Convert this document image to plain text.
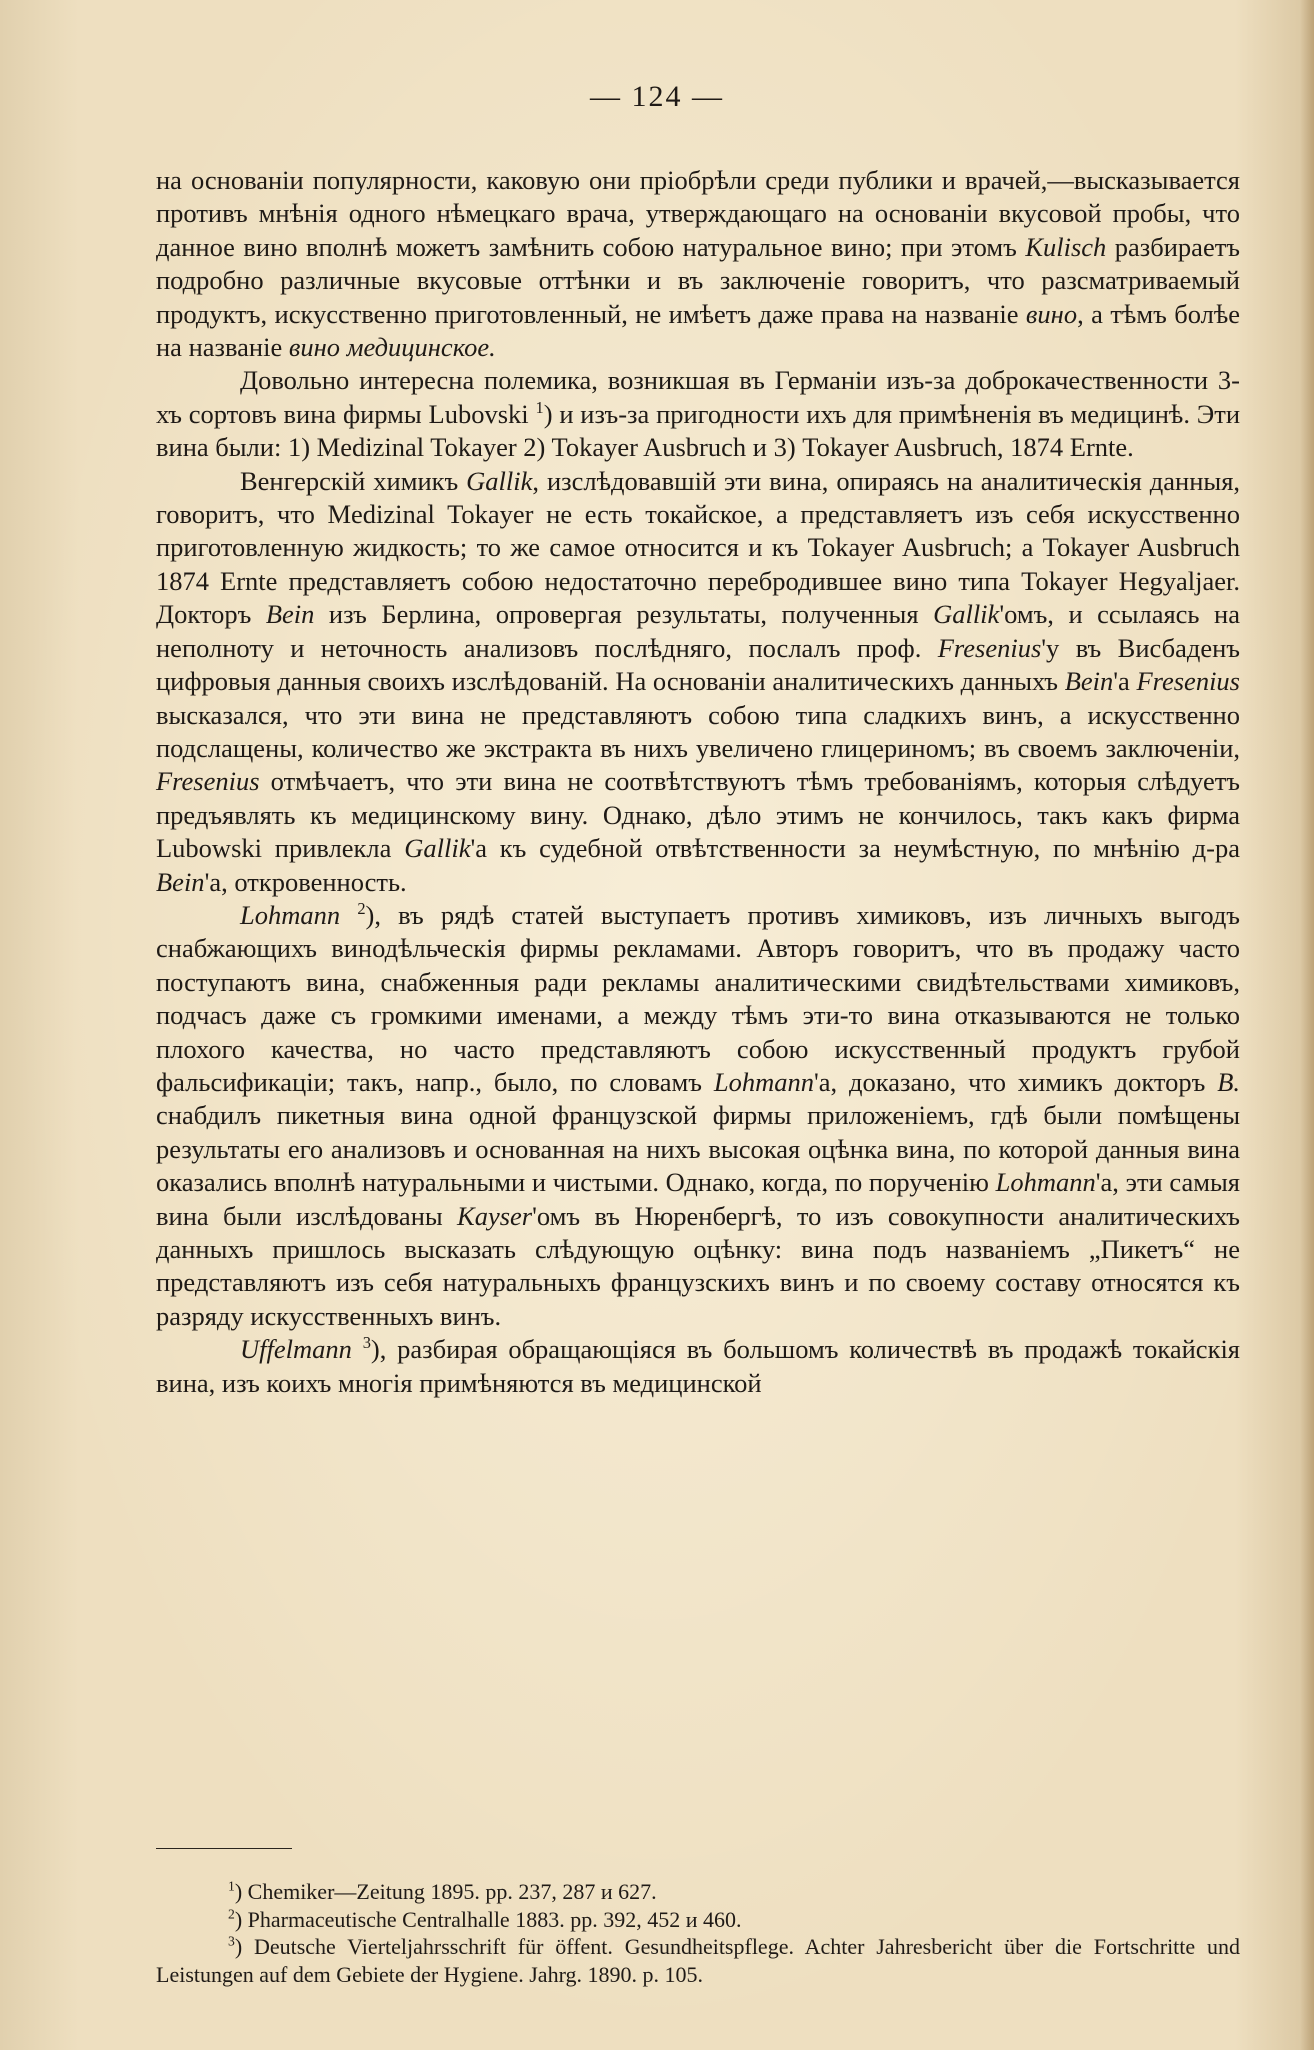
— 124 —

на основаніи популярности, каковую они пріобрѣли среди публики и врачей,—высказывается противъ мнѣнія одного нѣмецкаго врача, утверждающаго на основаніи вкусовой пробы, что данное вино вполнѣ можетъ замѣнить собою натуральное вино; при этомъ Kulisch разбираетъ подробно различные вкусовые оттѣнки и въ заключеніе говоритъ, что разсматриваемый продуктъ, искусственно приготовленный, не имѣетъ даже права на названіе вино, а тѣмъ болѣе на названіе вино медицинское.

Довольно интересна полемика, возникшая въ Германіи изъ-за доброкачественности 3-хъ сортовъ вина фирмы Lubovski $^1$) и изъ-за пригодности ихъ для примѣненія въ медицинѣ. Эти вина были: 1) Medizinal Tokayer 2) Tokayer Ausbruch и 3) Tokayer Ausbruch, 1874 Ernte.

Венгерскій химикъ Gallik, изслѣдовавшій эти вина, опираясь на аналитическія данныя, говоритъ, что Medizinal Tokayer не есть токайское, а представляетъ изъ себя искусственно приготовленную жидкость; то же самое относится и къ Tokayer Ausbruch; а Tokayer Ausbruch 1874 Ernte представляетъ собою недостаточно перебродившее вино типа Tokayer Hegyaljaer. Докторъ Bein изъ Берлина, опровергая результаты, полученныя Gallik'омъ, и ссылаясь на неполноту и неточность анализовъ послѣдняго, послалъ проф. Fresenius'у въ Висбаденъ цифровыя данныя своихъ изслѣдованій. На основаніи аналитическихъ данныхъ Bein'а Fresenius высказался, что эти вина не представляютъ собою типа сладкихъ винъ, а искусственно подслащены, количество же экстракта въ нихъ увеличено глицериномъ; въ своемъ заключеніи, Fresenius отмѣчаетъ, что эти вина не соотвѣтствуютъ тѣмъ требованіямъ, которыя слѣдуетъ предъявлять къ медицинскому вину. Однако, дѣло этимъ не кончилось, такъ какъ фирма Lubowski привлекла Gallik'а къ судебной отвѣтственности за неумѣстную, по мнѣнію д-ра Bein'а, откровенность.

Lohmann $^2$), въ рядѣ статей выступаетъ противъ химиковъ, изъ личныхъ выгодъ снабжающихъ винодѣльческія фирмы рекламами. Авторъ говоритъ, что въ продажу часто поступаютъ вина, снабженныя ради рекламы аналитическими свидѣтельствами химиковъ, подчасъ даже съ громкими именами, а между тѣмъ эти-то вина отказываются не только плохого качества, но часто представляютъ собою искусственный продуктъ грубой фальсификаціи; такъ, напр., было, по словамъ Lohmann'а, доказано, что химикъ докторъ B. снабдилъ пикетныя вина одной французской фирмы приложеніемъ, гдѣ были помѣщены результаты его анализовъ и основанная на нихъ высокая оцѣнка вина, по которой данныя вина оказались вполнѣ натуральными и чистыми. Однако, когда, по порученію Lohmann'а, эти самыя вина были изслѣдованы Kayser'омъ въ Нюренбергѣ, то изъ совокупности аналитическихъ данныхъ пришлось высказать слѣдующую оцѣнку: вина подъ названіемъ „Пикетъ“ не представляютъ изъ себя натуральныхъ французскихъ винъ и по своему составу относятся къ разряду искусственныхъ винъ.

Uffelmann $^3$), разбирая обращающіяся въ большомъ количествѣ въ продажѣ токайскія вина, изъ коихъ многія примѣняются въ медицинской

$^1$) Chemiker—Zeitung 1895. pp. 237, 287 и 627.

$^2$) Pharmaceutische Centralhalle 1883. pp. 392, 452 и 460.

$^3$) Deutsche Vierteljahrsschrift für öffent. Gesundheitspflege. Achter Jahresbericht über die Fortschritte und Leistungen auf dem Gebiete der Hygiene. Jahrg. 1890. p. 105.
